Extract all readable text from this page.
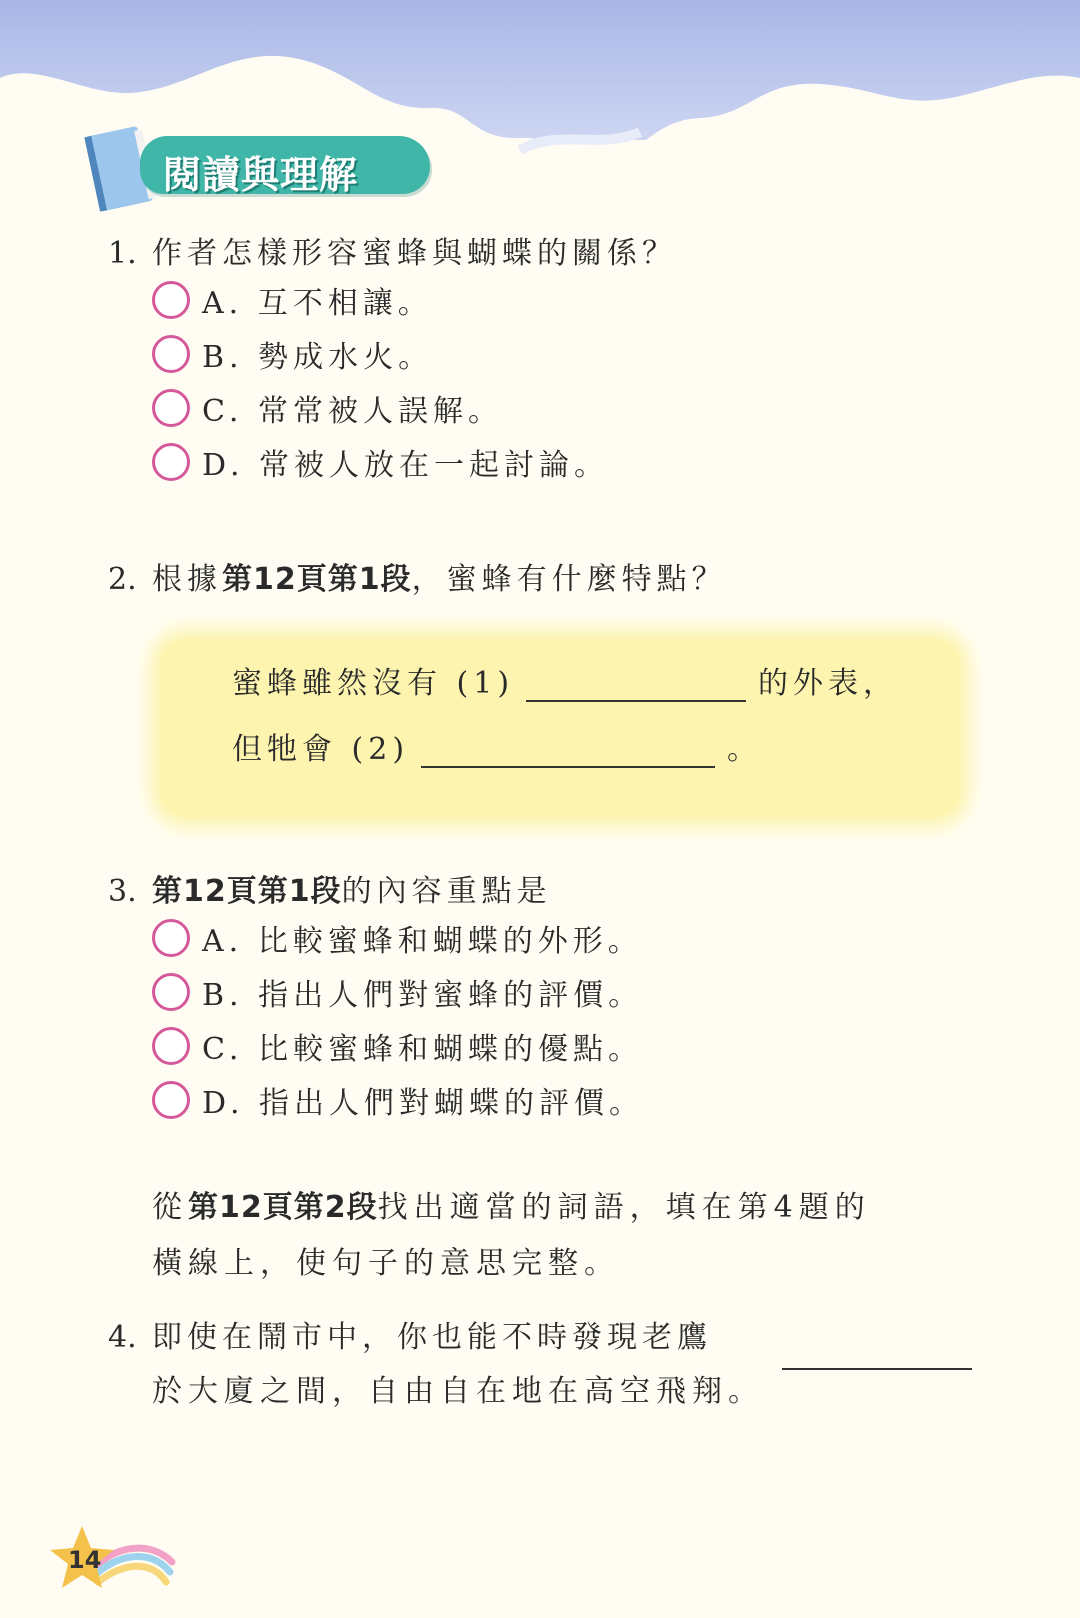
閱讀與理解
1. 作者怎樣形容蜜蜂與蝴蝶的關係？
A. 互不相讓。
B. 勢成水火。
C. 常常被人誤解。
D. 常被人放在一起討論。
2. 根據第12頁第1段，蜜蜂有什麼特點？
蜜蜂雖然沒有 (1)	的外表，
但牠會 (2)	。
3. 第12頁第1段的內容重點是
A. 比較蜜蜂和蝴蝶的外形。
B. 指出人們對蜜蜂的評價。
C. 比較蜜蜂和蝴蝶的優點。
D. 指出人們對蝴蝶的評價。
從第12頁第2段找出適當的詞語，填在第4題的
橫線上，使句子的意思完整。
4. 即使在鬧市中，你也能不時發現老鷹
於大廈之間，自由自在地在高空飛翔。
14
